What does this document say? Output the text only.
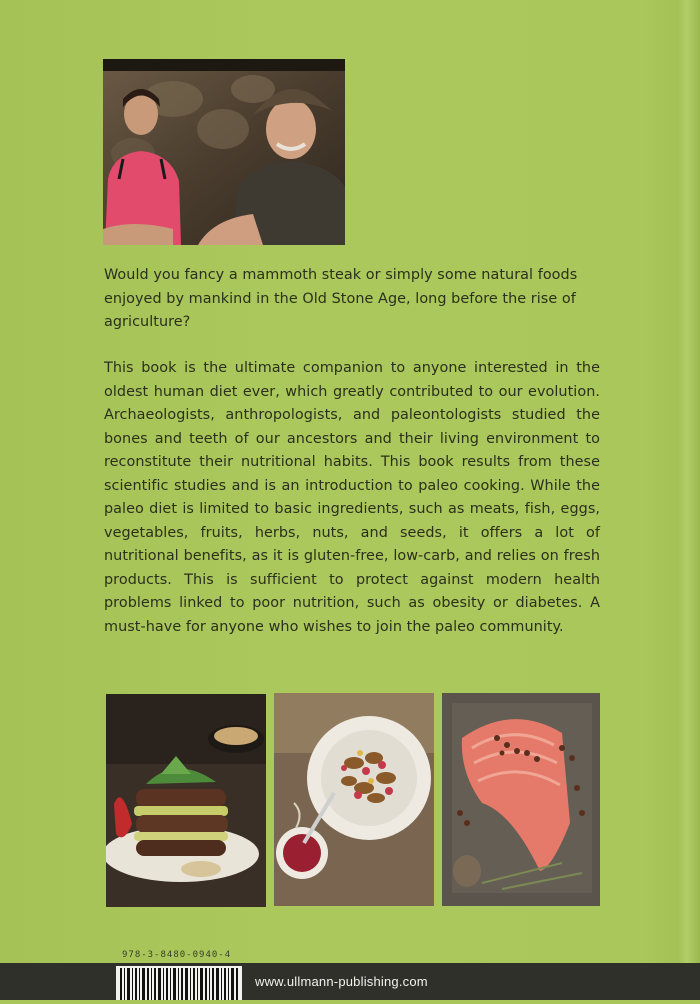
Would you fancy a mammoth steak or simply some natural foods enjoyed by mankind in the Old Stone Age, long before the rise of agriculture?

This book is the ultimate companion to anyone interested in the oldest human diet ever, which greatly contributed to our evolution. Archaeologists, anthropologists, and paleontologists studied the bones and teeth of our ancestors and their living environment to reconstitute their nutritional habits. This book results from these scientific studies and is an introduction to paleo cooking. While the paleo diet is limited to basic ingredients, such as meats, fish, eggs, vegetables, fruits, herbs, nuts, and seeds, it offers a lot of nutritional benefits, as it is gluten-free, low-carb, and relies on fresh products. This is sufficient to protect against modern health problems linked to poor nutrition, such as obesity or diabetes. A must-have for anyone who wishes to join the paleo community.

978-3-8480-0940-4
www.ullmann-publishing.com
